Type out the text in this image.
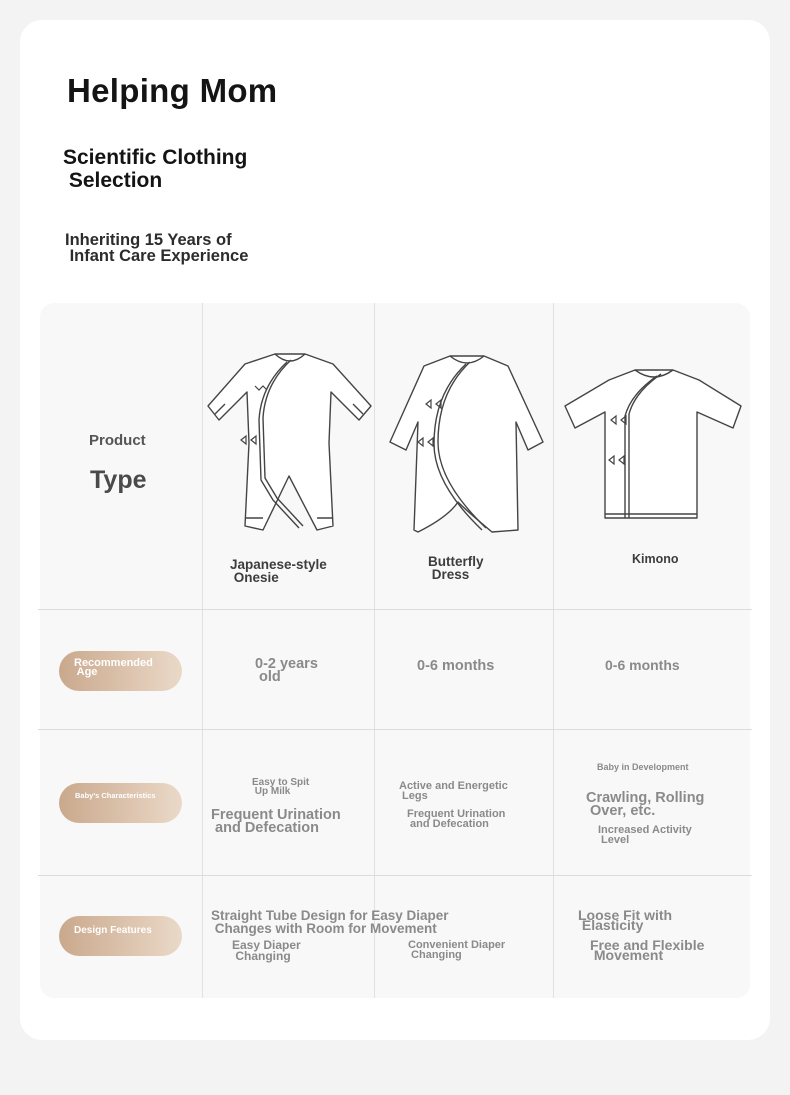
Helping Mom
Scientific Clothing
Selection

Inheriting 15 Years of
Infant Care Experience

Product
Type
Japanese-style
Onesie
Butterfly
Dress
Kimono
Recommended
Age	0-2 years
old
0-6 months	0-6 months
Baby's Characteristics
Easy to Spit
Up Milk
Frequent Urination
and Defecation
Active and Energetic
Legs
Frequent Urination
and Defecation
Baby in Development
Crawling, Rolling
Over, etc.
Increased Activity
Level
Design Features
Straight Tube Design for Easy Diaper
Changes with Room for Movement
Easy Diaper
Changing
Convenient Diaper
Changing
Loose Fit with
Elasticity
Free and Flexible
Movement
